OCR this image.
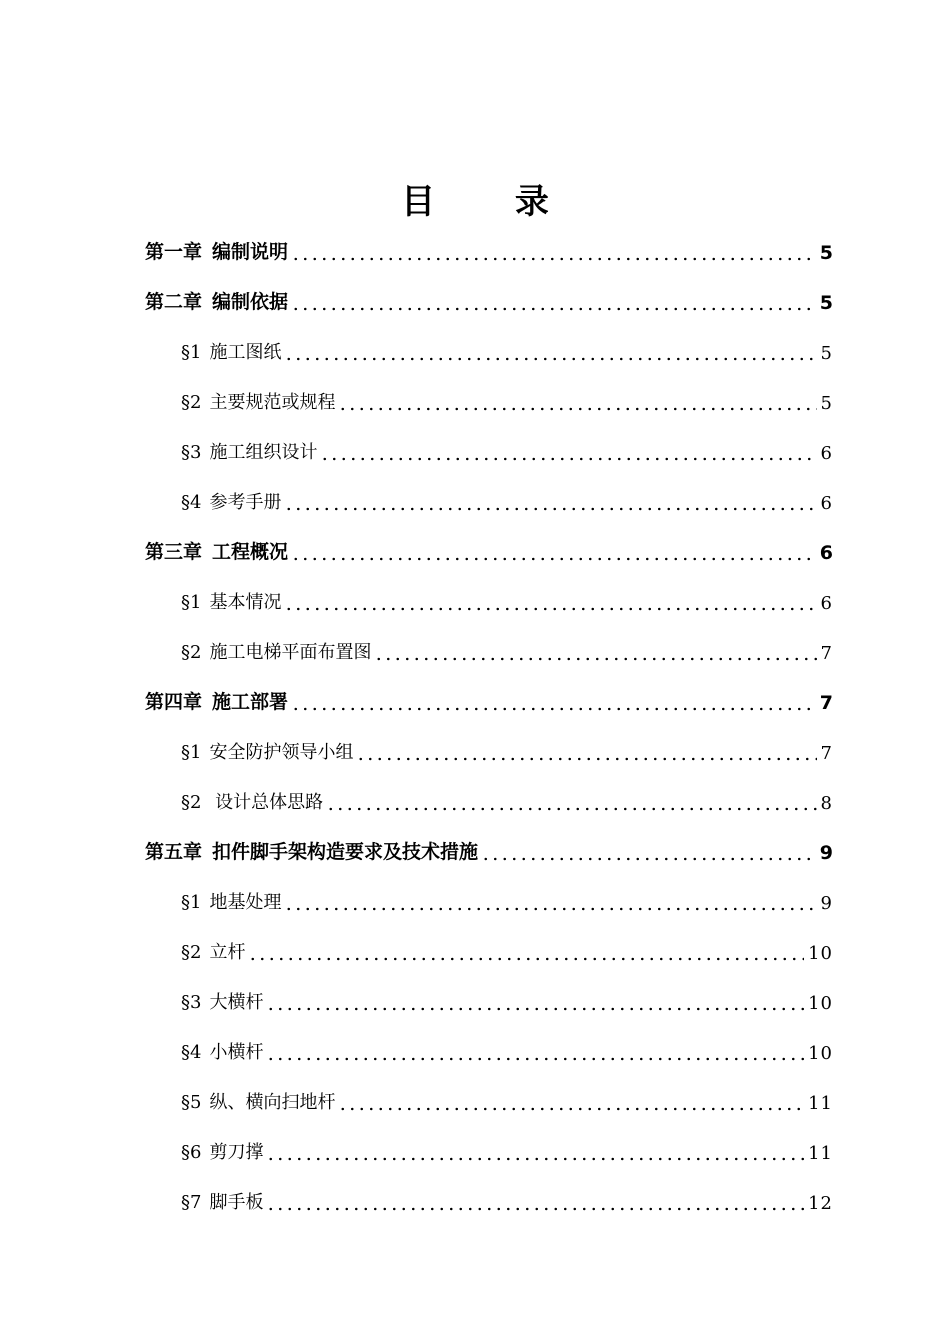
目 录
第一章 编制说明	5
第二章 编制依据	5
§1 施工图纸	5
§2 主要规范或规程	5
§3 施工组织设计	6
§4 参考手册	6
第三章 工程概况	6
§1 基本情况	6
§2 施工电梯平面布置图	7
第四章 施工部署	7
§1 安全防护领导小组	7
§2 设计总体思路	8
第五章 扣件脚手架构造要求及技术措施	9
§1 地基处理	9
§2 立杆	10
§3 大横杆	10
§4 小横杆	10
§5 纵、横向扫地杆	11
§6 剪刀撑	11
§7 脚手板	12
